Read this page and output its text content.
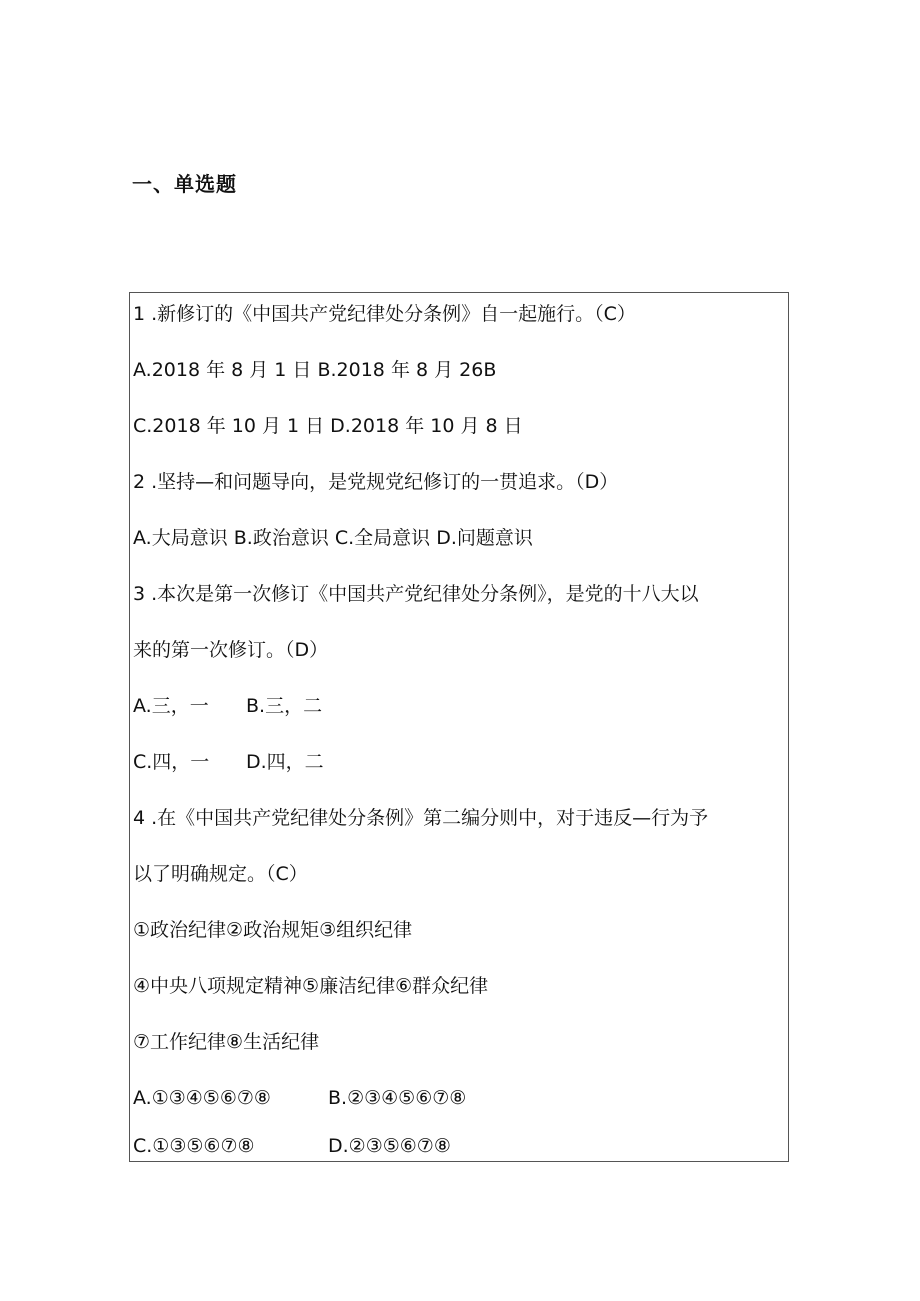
一、单选题

1 .新修订的《中国共产党纪律处分条例》自一起施行。（C）

A.2018 年 8 月 1 日 B.2018 年 8 月 26B

C.2018 年 10 月 1 日 D.2018 年 10 月 8 日

2 .坚持—和问题导向，是党规党纪修订的一贯追求。（D）

A.大局意识 B.政治意识 C.全局意识 D.问题意识

3 .本次是第一次修订《中国共产党纪律处分条例》，是党的十八大以

来的第一次修订。（D）

A.三，一 B.三，二
C.四，一 D.四，二

4 .在《中国共产党纪律处分条例》第二编分则中，对于违反—行为予

以了明确规定。（C）

①政治纪律②政治规矩③组织纪律

④中央八项规定精神⑤廉洁纪律⑥群众纪律

⑦工作纪律⑧生活纪律

A.①③④⑤⑥⑦⑧	B.②③④⑤⑥⑦⑧
C.①③⑤⑥⑦⑧	D.②③⑤⑥⑦⑧
